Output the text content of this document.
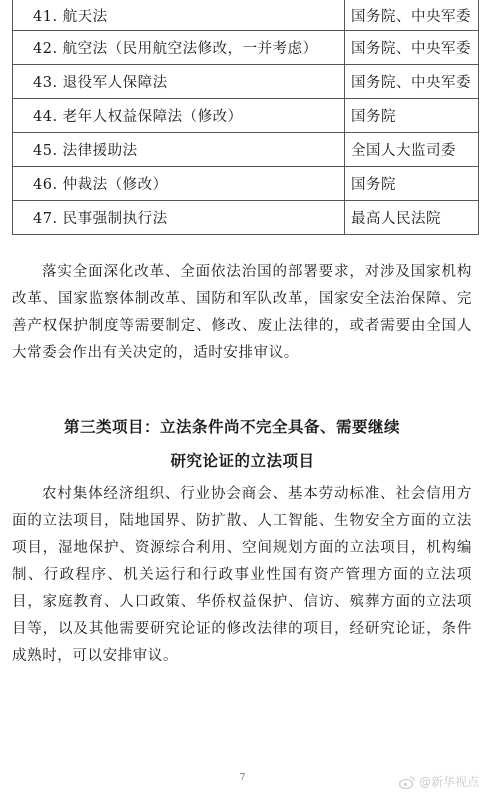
41. 航天法	国务院、中央军委
42. 航空法（民用航空法修改，一并考虑）	国务院、中央军委
43. 退役军人保障法	国务院、中央军委
44. 老年人权益保障法（修改）	国务院
45. 法律援助法	全国人大监司委
46. 仲裁法（修改）	国务院
47. 民事强制执行法	最高人民法院

落实全面深化改革、全面依法治国的部署要求，对涉及国家机构改革、国家监察体制改革、国防和军队改革，国家安全法治保障、完善产权保护制度等需要制定、修改、废止法律的，或者需要由全国人大常委会作出有关决定的，适时安排审议。

第三类项目：立法条件尚不完全具备、需要继续
研究论证的立法项目

农村集体经济组织、行业协会商会、基本劳动标准、社会信用方面的立法项目，陆地国界、防扩散、人工智能、生物安全方面的立法项目，湿地保护、资源综合利用、空间规划方面的立法项目，机构编制、行政程序、机关运行和行政事业性国有资产管理方面的立法项目，家庭教育、人口政策、华侨权益保护、信访、殡葬方面的立法项目等，以及其他需要研究论证的修改法律的项目，经研究论证，条件成熟时，可以安排审议。

7	@新华视点
